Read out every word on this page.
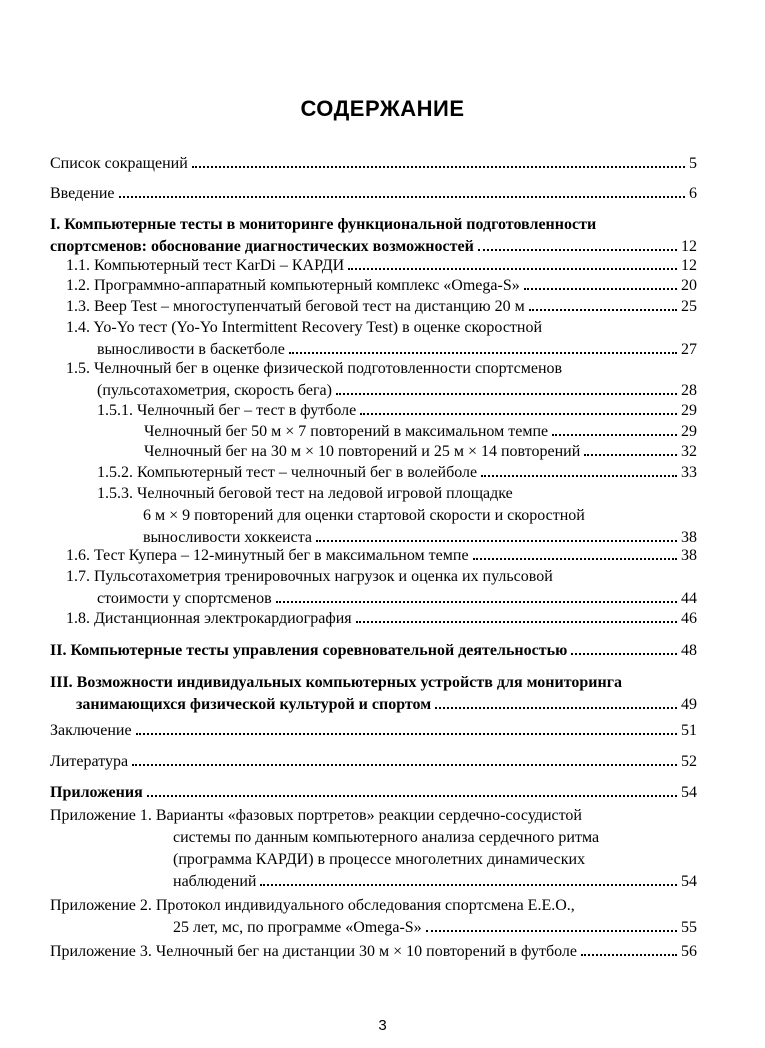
СОДЕРЖАНИЕ
Список сокращений	5
Введение	6
I. Компьютерные тесты в мониторинге функциональной подготовленности
спортсменов: обоснование диагностических возможностей	12
1.1. Компьютерный тест KarDi – КАРДИ	12
1.2. Программно-аппаратный компьютерный комплекс «Omega-S»	20
1.3. Beep Test – многоступенчатый беговой тест на дистанцию 20 м	25
1.4. Yo-Yo тест (Yo-Yo Intermittent Recovery Test) в оценке скоростной
выносливости в баскетболе	27
1.5. Челночный бег в оценке физической подготовленности спортсменов
(пульсотахометрия, скорость бега)	28
1.5.1. Челночный бег – тест в футболе	29
Челночный бег 50 м × 7 повторений в максимальном темпе	29
Челночный бег на 30 м × 10 повторений и 25 м × 14 повторений	32
1.5.2. Компьютерный тест – челночный бег в волейболе	33
1.5.3. Челночный беговой тест на ледовой игровой площадке
6 м × 9 повторений для оценки стартовой скорости и скоростной
выносливости хоккеиста	38
1.6. Тест Купера – 12-минутный бег в максимальном темпе	38
1.7. Пульсотахометрия тренировочных нагрузок и оценка их пульсовой
стоимости у спортсменов	44
1.8. Дистанционная электрокардиография	46
II. Компьютерные тесты управления соревновательной деятельностью	48
III. Возможности индивидуальных компьютерных устройств для мониторинга
занимающихся физической культурой и спортом	49
Заключение	51
Литература	52
Приложения	54
Приложение 1. Варианты «фазовых портретов» реакции сердечно-сосудистой
системы по данным компьютерного анализа сердечного ритма
(программа КАРДИ) в процессе многолетних динамических
наблюдений	54
Приложение 2. Протокол индивидуального обследования спортсмена Е.Е.О.,
25 лет, мс, по программе «Omega-S»	55
Приложение 3. Челночный бег на дистанции 30 м × 10 повторений в футболе	56
3
